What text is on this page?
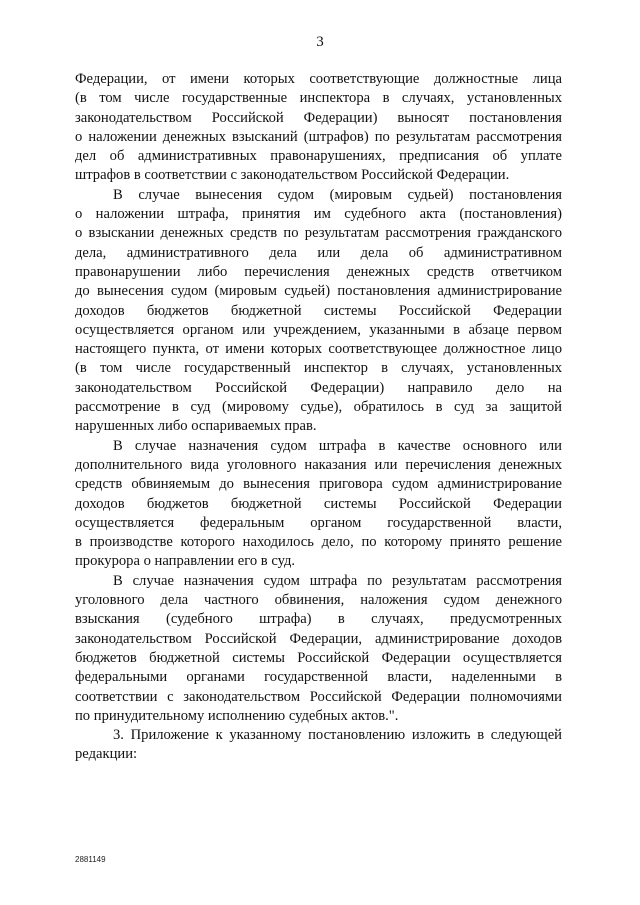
3

Федерации, от имени которых соответствующие должностные лица
(в том числе государственные инспектора в случаях, установленных
законодательством Российской Федерации) выносят постановления
о наложении денежных взысканий (штрафов) по результатам рассмотрения
дел об административных правонарушениях, предписания об уплате
штрафов в соответствии с законодательством Российской Федерации.

В случае вынесения судом (мировым судьей) постановления
о наложении штрафа, принятия им судебного акта (постановления)
о взыскании денежных средств по результатам рассмотрения гражданского
дела, административного дела или дела об административном
правонарушении либо перечисления денежных средств ответчиком
до вынесения судом (мировым судьей) постановления администрирование
доходов бюджетов бюджетной системы Российской Федерации
осуществляется органом или учреждением, указанными в абзаце первом
настоящего пункта, от имени которых соответствующее должностное лицо
(в том числе государственный инспектор в случаях, установленных
законодательством Российской Федерации) направило дело на
рассмотрение в суд (мировому судье), обратилось в суд за защитой
нарушенных либо оспариваемых прав.

В случае назначения судом штрафа в качестве основного или
дополнительного вида уголовного наказания или перечисления денежных
средств обвиняемым до вынесения приговора судом администрирование
доходов бюджетов бюджетной системы Российской Федерации
осуществляется федеральным органом государственной власти,
в производстве которого находилось дело, по которому принято решение
прокурора о направлении его в суд.

В случае назначения судом штрафа по результатам рассмотрения
уголовного дела частного обвинения, наложения судом денежного
взыскания (судебного штрафа) в случаях, предусмотренных
законодательством Российской Федерации, администрирование доходов
бюджетов бюджетной системы Российской Федерации осуществляется
федеральными органами государственной власти, наделенными в
соответствии с законодательством Российской Федерации полномочиями
по принудительному исполнению судебных актов.".

3. Приложение к указанному постановлению изложить в следующей
редакции:

2881149
